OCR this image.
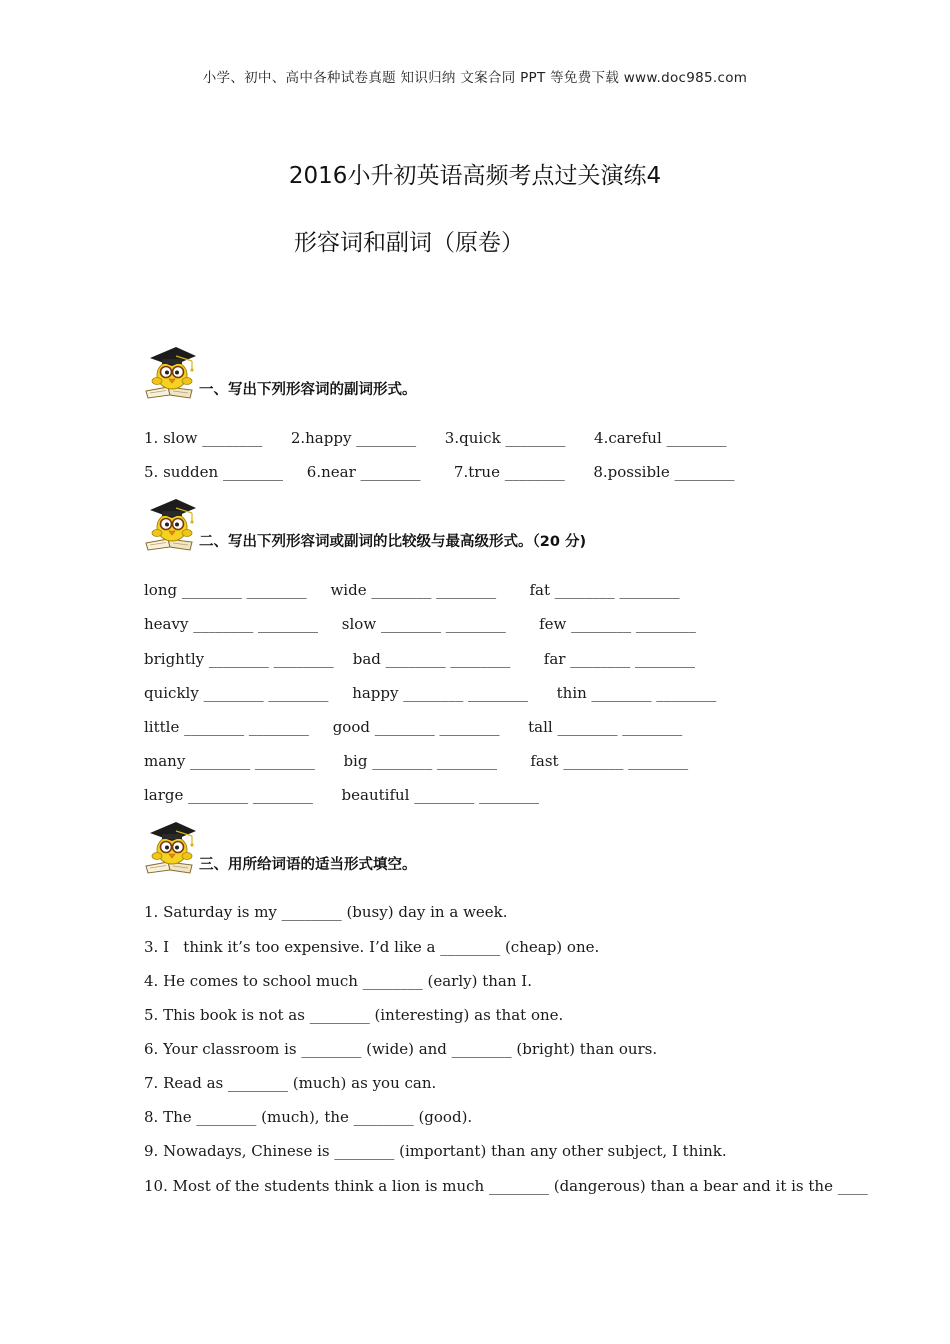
小学、初中、高中各种试卷真题 知识归纳 文案合同 PPT 等免费下载 www.doc985.com
2016小升初英语高频考点过关演练4
形容词和副词（原卷）
一、写出下列形容词的副词形式。
1. slow ________      2.happy ________      3.quick ________      4.careful ________
5. sudden ________     6.near ________       7.true ________      8.possible ________
二、写出下列形容词或副词的比较级与最高级形式。（20 分)
long ________ ________     wide ________ ________       fat ________ ________
heavy ________ ________     slow ________ ________       few ________ ________
brightly ________ ________    bad ________ ________       far ________ ________
quickly ________ ________     happy ________ ________      thin ________ ________
little ________ ________     good ________ ________      tall ________ ________
many ________ ________      big ________ ________       fast ________ ________
large ________ ________      beautiful ________ ________
三、用所给词语的适当形式填空。
1. Saturday is my ________ (busy) day in a week.
3. I   think it’s too expensive. I’d like a ________ (cheap) one.
4. He comes to school much ________ (early) than I.
5. This book is not as ________ (interesting) as that one.
6. Your classroom is ________ (wide) and ________ (bright) than ours.
7. Read as ________ (much) as you can.
8. The ________ (much), the ________ (good).
9. Nowadays, Chinese is ________ (important) than any other subject, I think.
10. Most of the students think a lion is much ________ (dangerous) than a bear and it is the ____
